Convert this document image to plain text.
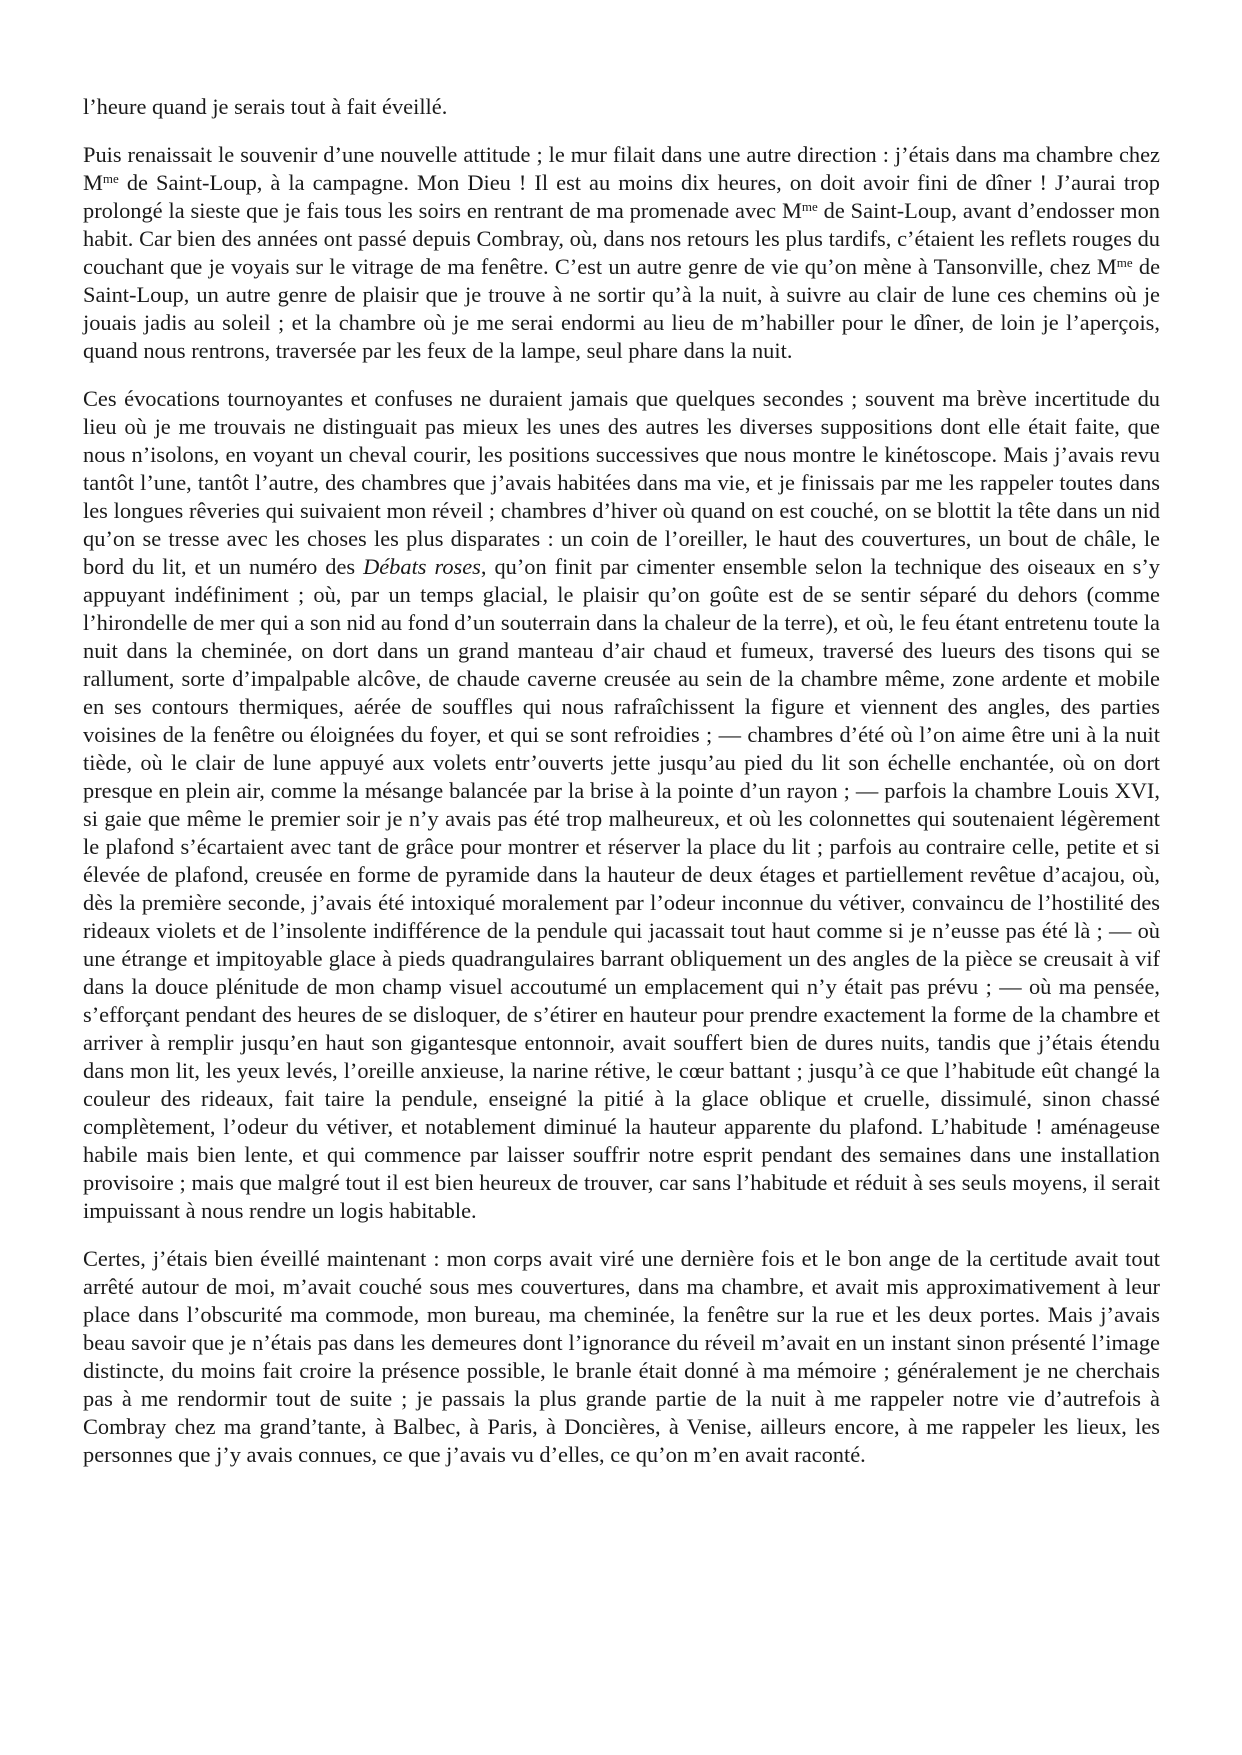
l’heure quand je serais tout à fait éveillé.

Puis renaissait le souvenir d’une nouvelle attitude ; le mur filait dans une autre direction : j’étais dans ma chambre chez $M^{me}$ de Saint-Loup, à la campagne. Mon Dieu ! Il est au moins dix heures, on doit avoir fini de dîner ! J’aurai trop prolongé la sieste que je fais tous les soirs en rentrant de ma promenade avec $M^{me}$ de Saint-Loup, avant d’endosser mon habit. Car bien des années ont passé depuis Combray, où, dans nos retours les plus tardifs, c’étaient les reflets rouges du couchant que je voyais sur le vitrage de ma fenêtre. C’est un autre genre de vie qu’on mène à Tansonville, chez $M^{me}$ de Saint-Loup, un autre genre de plaisir que je trouve à ne sortir qu’à la nuit, à suivre au clair de lune ces chemins où je jouais jadis au soleil ; et la chambre où je me serai endormi au lieu de m’habiller pour le dîner, de loin je l’aperçois, quand nous rentrons, traversée par les feux de la lampe, seul phare dans la nuit.

Ces évocations tournoyantes et confuses ne duraient jamais que quelques secondes ; souvent ma brève incertitude du lieu où je me trouvais ne distinguait pas mieux les unes des autres les diverses suppositions dont elle était faite, que nous n’isolons, en voyant un cheval courir, les positions successives que nous montre le kinétoscope. Mais j’avais revu tantôt l’une, tantôt l’autre, des chambres que j’avais habitées dans ma vie, et je finissais par me les rappeler toutes dans les longues rêveries qui suivaient mon réveil ; chambres d’hiver où quand on est couché, on se blottit la tête dans un nid qu’on se tresse avec les choses les plus disparates : un coin de l’oreiller, le haut des couvertures, un bout de châle, le bord du lit, et un numéro des Débats roses, qu’on finit par cimenter ensemble selon la technique des oiseaux en s’y appuyant indéfiniment ; où, par un temps glacial, le plaisir qu’on goûte est de se sentir séparé du dehors (comme l’hirondelle de mer qui a son nid au fond d’un souterrain dans la chaleur de la terre), et où, le feu étant entretenu toute la nuit dans la cheminée, on dort dans un grand manteau d’air chaud et fumeux, traversé des lueurs des tisons qui se rallument, sorte d’impalpable alcôve, de chaude caverne creusée au sein de la chambre même, zone ardente et mobile en ses contours thermiques, aérée de souffles qui nous rafraîchissent la figure et viennent des angles, des parties voisines de la fenêtre ou éloignées du foyer, et qui se sont refroidies ; — chambres d’été où l’on aime être uni à la nuit tiède, où le clair de lune appuyé aux volets entr’ouverts jette jusqu’au pied du lit son échelle enchantée, où on dort presque en plein air, comme la mésange balancée par la brise à la pointe d’un rayon ; — parfois la chambre Louis XVI, si gaie que même le premier soir je n’y avais pas été trop malheureux, et où les colonnettes qui soutenaient légèrement le plafond s’écartaient avec tant de grâce pour montrer et réserver la place du lit ; parfois au contraire celle, petite et si élevée de plafond, creusée en forme de pyramide dans la hauteur de deux étages et partiellement revêtue d’acajou, où, dès la première seconde, j’avais été intoxiqué moralement par l’odeur inconnue du vétiver, convaincu de l’hostilité des rideaux violets et de l’insolente indifférence de la pendule qui jacassait tout haut comme si je n’eusse pas été là ; — où une étrange et impitoyable glace à pieds quadrangulaires barrant obliquement un des angles de la pièce se creusait à vif dans la douce plénitude de mon champ visuel accoutumé un emplacement qui n’y était pas prévu ; — où ma pensée, s’efforçant pendant des heures de se disloquer, de s’étirer en hauteur pour prendre exactement la forme de la chambre et arriver à remplir jusqu’en haut son gigantesque entonnoir, avait souffert bien de dures nuits, tandis que j’étais étendu dans mon lit, les yeux levés, l’oreille anxieuse, la narine rétive, le cœur battant ; jusqu’à ce que l’habitude eût changé la couleur des rideaux, fait taire la pendule, enseigné la pitié à la glace oblique et cruelle, dissimulé, sinon chassé complètement, l’odeur du vétiver, et notablement diminué la hauteur apparente du plafond. L’habitude ! aménageuse habile mais bien lente, et qui commence par laisser souffrir notre esprit pendant des semaines dans une installation provisoire ; mais que malgré tout il est bien heureux de trouver, car sans l’habitude et réduit à ses seuls moyens, il serait impuissant à nous rendre un logis habitable.

Certes, j’étais bien éveillé maintenant : mon corps avait viré une dernière fois et le bon ange de la certitude avait tout arrêté autour de moi, m’avait couché sous mes couvertures, dans ma chambre, et avait mis approximativement à leur place dans l’obscurité ma commode, mon bureau, ma cheminée, la fenêtre sur la rue et les deux portes. Mais j’avais beau savoir que je n’étais pas dans les demeures dont l’ignorance du réveil m’avait en un instant sinon présenté l’image distincte, du moins fait croire la présence possible, le branle était donné à ma mémoire ; généralement je ne cherchais pas à me rendormir tout de suite ; je passais la plus grande partie de la nuit à me rappeler notre vie d’autrefois à Combray chez ma grand’tante, à Balbec, à Paris, à Doncières, à Venise, ailleurs encore, à me rappeler les lieux, les personnes que j’y avais connues, ce que j’avais vu d’elles, ce qu’on m’en avait raconté.
